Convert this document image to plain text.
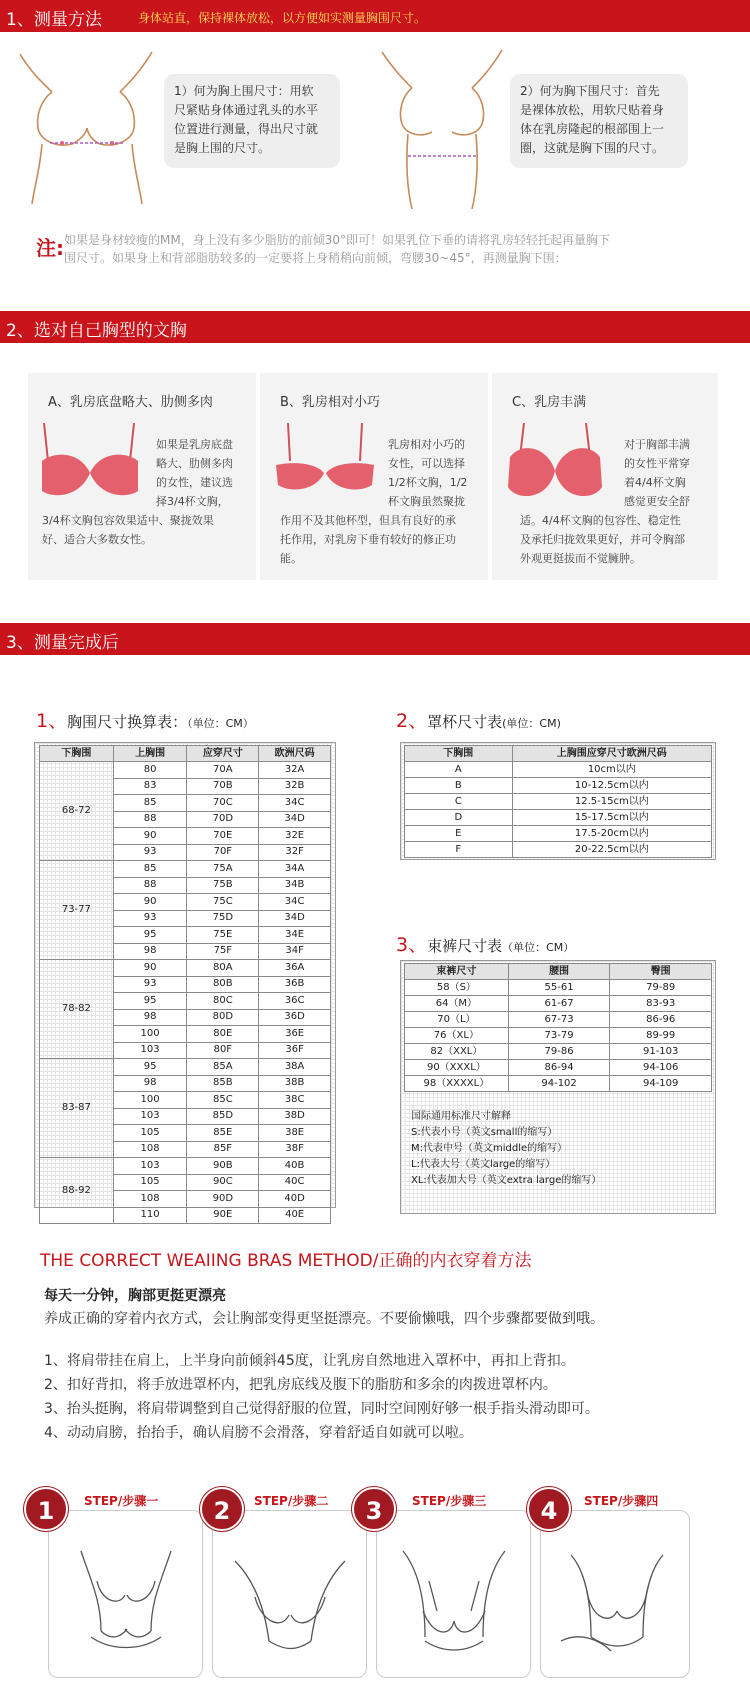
1、测量方法	身体站直，保持裸体放松，以方便如实测量胸围尺寸。
1）何为胸上围尺寸：用软
尺紧贴身体通过乳头的水平
位置进行测量，得出尺寸就
是胸上围的尺寸。
2）何为胸下围尺寸：首先
是裸体放松，用软尺贴着身
体在乳房隆起的根部围上一
圈，这就是胸下围的尺寸。
注: 如果是身材较瘦的MM，身上没有多少脂肪的前倾30°即可！如果乳位下垂的请将乳房轻轻托起再量胸下
围尺寸。如果身上和背部脂肪较多的一定要将上身稍稍向前倾，弯腰30~45°，再测量胸下围：
2、选对自己胸型的文胸
A、乳房底盘略大、肋侧多肉
如果是乳房底盘
略大、肋侧多肉
的女性，建议选
择3/4杯文胸，
3/4杯文胸包容效果适中、聚拢效果
好、适合大多数女性。
B、乳房相对小巧
乳房相对小巧的
女性，可以选择
1/2杯文胸，1/2
杯文胸虽然聚拢
作用不及其他杯型，但具有良好的承
托作用，对乳房下垂有较好的修正功
能。
C、乳房丰满
对于胸部丰满
的女性平常穿
着4/4杯文胸
感觉更安全舒
适。4/4杯文胸的包容性、稳定性
及承托归拢效果更好，并可令胸部
外观更挺拔而不觉臃肿。
3、测量完成后
1、胸围尺寸换算表：（单位：CM）
下胸围	上胸围	应穿尺寸	欧洲尺码
68-72	80	70A	32A
	83	70B	32B
	85	70C	34C
	88	70D	34D
	90	70E	32E
	93	70F	32F
73-77	85	75A	34A
	88	75B	34B
	90	75C	34C
	93	75D	34D
	95	75E	34E
	98	75F	34F
78-82	90	80A	36A
	93	80B	36B
	95	80C	36C
	98	80D	36D
	100	80E	36E
	103	80F	36F
83-87	95	85A	38A
	98	85B	38B
	100	85C	38C
	103	85D	38D
	105	85E	38E
	108	85F	38F
88-92	103	90B	40B
	105	90C	40C
	108	90D	40D
	110	90E	40E
2、罩杯尺寸表(单位：CM)
下胸围	上胸围应穿尺寸欧洲尺码
A	10cm以内
B	10-12.5cm以内
C	12.5-15cm以内
D	15-17.5cm以内
E	17.5-20cm以内
F	20-22.5cm以内
3、束裤尺寸表（单位：CM）
束裤尺寸	腰围	臀围
58（S）	55-61	79-89
64（M）	61-67	83-93
70（L）	67-73	86-96
76（XL）	73-79	89-99
82（XXL）	79-86	91-103
90（XXXL）	86-94	94-106
98（XXXXL）	94-102	94-109
国际通用标准尺寸解释
S:代表小号（英文small的缩写）
M:代表中号（英文middle的缩写）
L:代表大号（英文large的缩写）
XL:代表加大号（英文extra large的缩写）
THE CORRECT WEAIING BRAS METHOD/正确的内衣穿着方法
每天一分钟，胸部更挺更漂亮
养成正确的穿着内衣方式，会让胸部变得更坚挺漂亮。不要偷懒哦，四个步骤都要做到哦。
1、将肩带挂在肩上，上半身向前倾斜45度，让乳房自然地进入罩杯中，再扣上背扣。
2、扣好背扣，将手放进罩杯内，把乳房底线及腹下的脂肪和多余的肉拨进罩杯内。
3、抬头挺胸，将肩带调整到自己觉得舒服的位置，同时空间刚好够一根手指头滑动即可。
4、动动肩膀，抬抬手，确认肩膀不会滑落，穿着舒适自如就可以啦。
1	STEP/步骤一	2	STEP/步骤二	3	STEP/步骤三	4	STEP/步骤四
